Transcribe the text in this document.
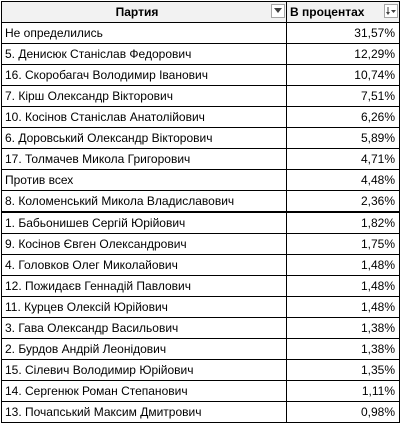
Партия	В процентах

Не определились	31,57%
5. Денисюк Станіслав Федорович	12,29%
16. Скоробагач Володимир Іванович	10,74%
7. Кірш Олександр Вікторович	7,51%
10. Косінов Станіслав Анатолійович	6,26%
6. Доровський Олександр Вікторович	5,89%
17. Толмачев Микола Григорович	4,71%
Против всех	4,48%
8. Коломенський Микола Владиславович	2,36%
1. Бабьонишев Сергій Юрійович	1,82%
9. Косінов Євген Олександрович	1,75%
4. Головков Олег Миколайович	1,48%
12. Пожидаєв Геннадій Павлович	1,48%
11. Курцев Олексій Юрійович	1,48%
3. Гава Олександр Васильович	1,38%
2. Бурдов Андрій Леонідович	1,38%
15. Сілевич Володимир Юрійович	1,35%
14. Сергенюк Роман Степанович	1,11%
13. Почапський Максим Дмитрович	0,98%
